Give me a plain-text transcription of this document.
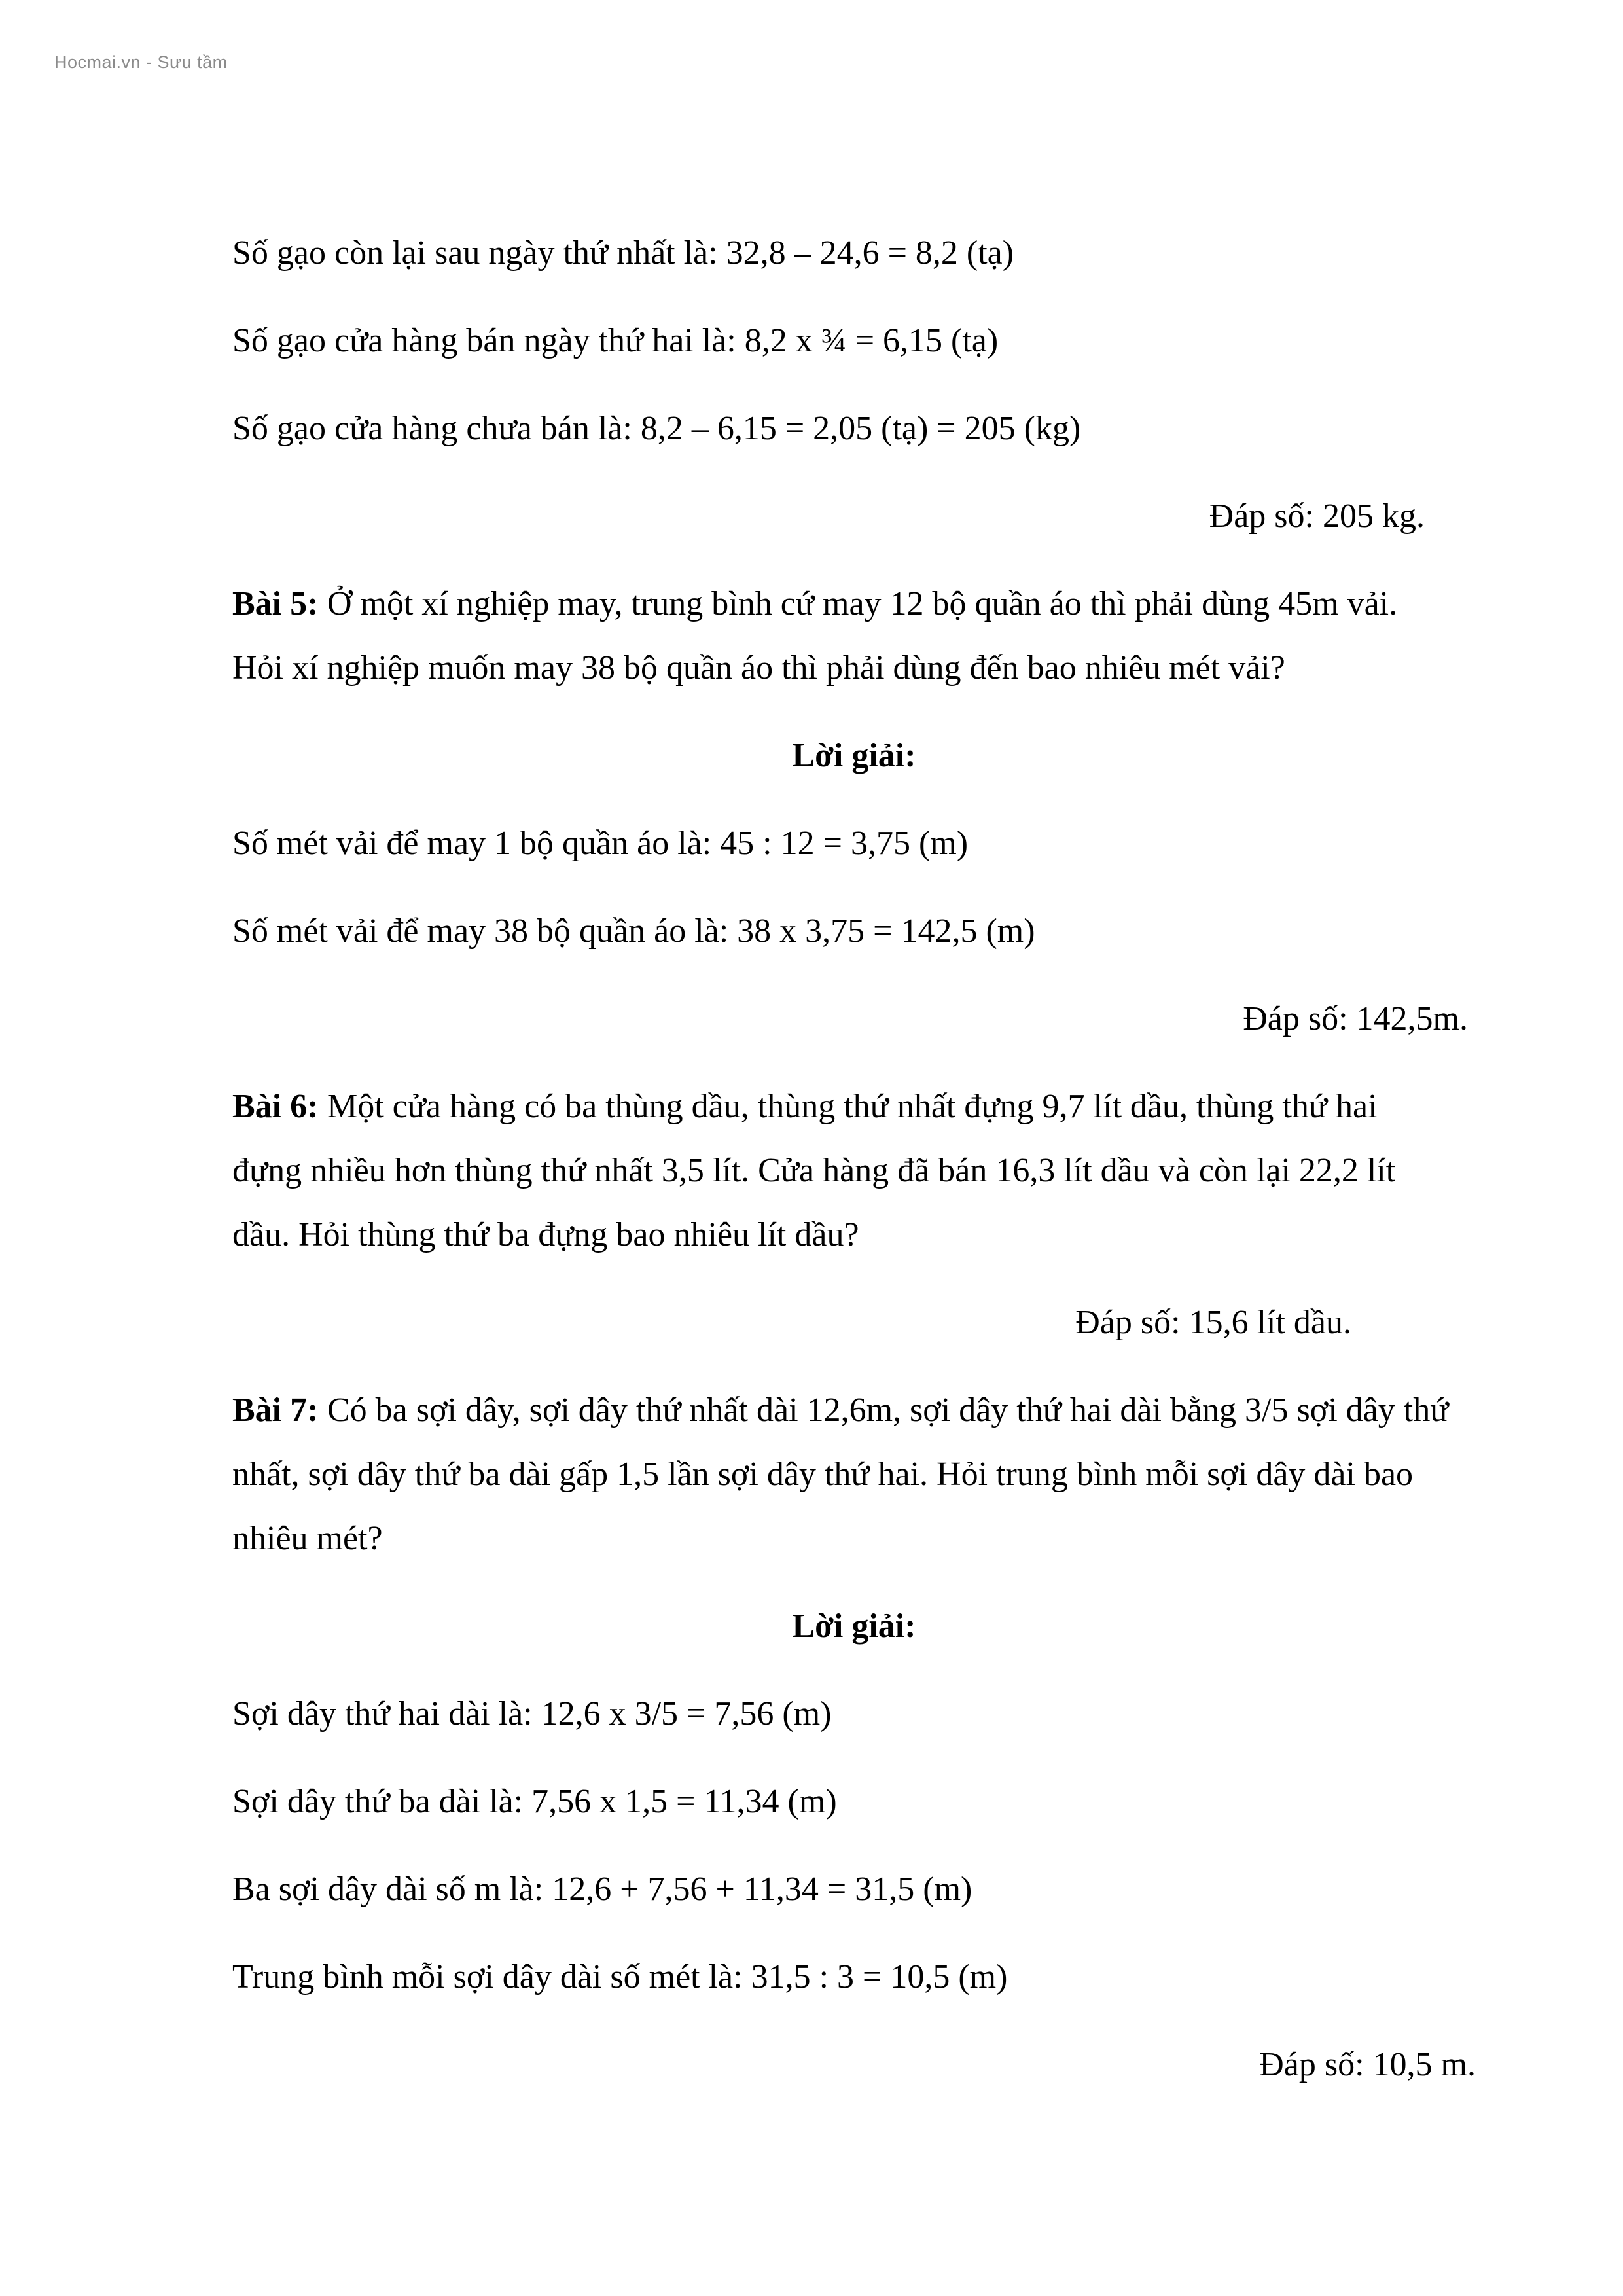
Hocmai.vn - Sưu tầm

Số gạo còn lại sau ngày thứ nhất là: 32,8 – 24,6 = 8,2 (tạ)

Số gạo cửa hàng bán ngày thứ hai là: 8,2 x ¾ = 6,15 (tạ)

Số gạo cửa hàng chưa bán là: 8,2 – 6,15 = 2,05 (tạ) = 205 (kg)

Đáp số: 205 kg.

Bài 5: Ở một xí nghiệp may, trung bình cứ may 12 bộ quần áo thì phải dùng 45m vải.
Hỏi xí nghiệp muốn may 38 bộ quần áo thì phải dùng đến bao nhiêu mét vải?

Lời giải:

Số mét vải để may 1 bộ quần áo là: 45 : 12 = 3,75 (m)

Số mét vải để may 38 bộ quần áo là: 38 x 3,75 = 142,5 (m)

Đáp số: 142,5m.

Bài 6: Một cửa hàng có ba thùng dầu, thùng thứ nhất đựng 9,7 lít dầu, thùng thứ hai
đựng nhiều hơn thùng thứ nhất 3,5 lít. Cửa hàng đã bán 16,3 lít dầu và còn lại 22,2 lít
dầu. Hỏi thùng thứ ba đựng bao nhiêu lít dầu?

Đáp số: 15,6 lít dầu.

Bài 7: Có ba sợi dây, sợi dây thứ nhất dài 12,6m, sợi dây thứ hai dài bằng 3/5 sợi dây thứ
nhất, sợi dây thứ ba dài gấp 1,5 lần sợi dây thứ hai. Hỏi trung bình mỗi sợi dây dài bao
nhiêu mét?

Lời giải:

Sợi dây thứ hai dài là: 12,6 x 3/5 = 7,56 (m)

Sợi dây thứ ba dài là: 7,56 x 1,5 = 11,34 (m)

Ba sợi dây dài số m là: 12,6 + 7,56 + 11,34 = 31,5 (m)

Trung bình mỗi sợi dây dài số mét là: 31,5 : 3 = 10,5 (m)

Đáp số: 10,5 m.
